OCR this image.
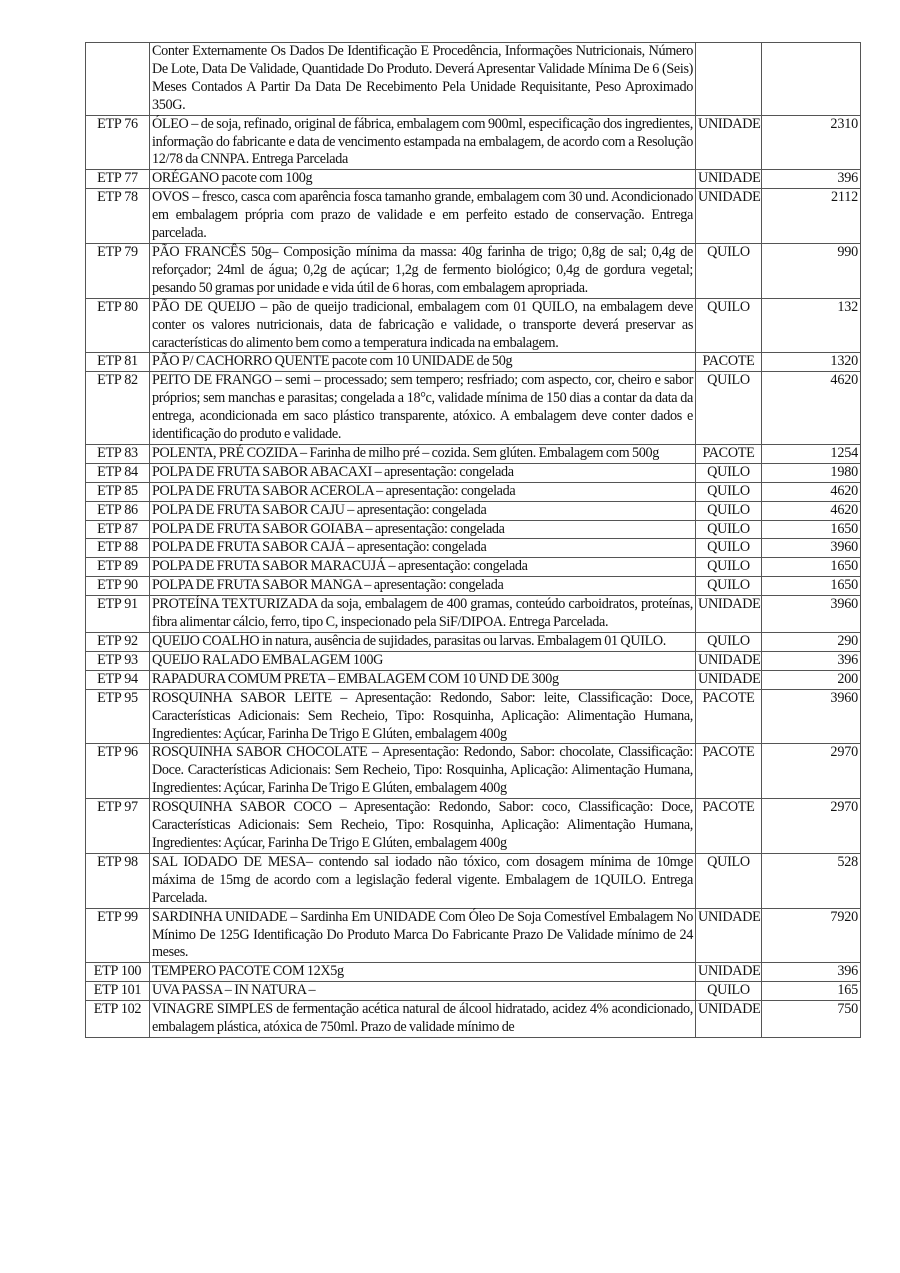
	Conter Externamente Os Dados De Identificação E Procedência, Informações Nutricionais, Número De Lote, Data De Validade, Quantidade Do Produto. Deverá Apresentar Validade Mínima De 6 (Seis) Meses Contados A Partir Da Data De Recebimento Pela Unidade Requisitante, Peso Aproximado 350G.		
ETP 76	ÓLEO – de soja, refinado, original de fábrica, embalagem com 900ml, especificação dos ingredientes, informação do fabricante e data de vencimento estampada na embalagem, de acordo com a Resolução 12/78 da CNNPA. Entrega Parcelada	UNIDADE	2310
ETP 77	ORÉGANO pacote com 100g	UNIDADE	396
ETP 78	OVOS – fresco, casca com aparência fosca tamanho grande, embalagem com 30 und. Acondicionado em embalagem própria com prazo de validade e em perfeito estado de conservação. Entrega parcelada.	UNIDADE	2112
ETP 79	PÃO FRANCÊS 50g– Composição mínima da massa: 40g farinha de trigo; 0,8g de sal; 0,4g de reforçador; 24ml de água; 0,2g de açúcar; 1,2g de fermento biológico; 0,4g de gordura vegetal; pesando 50 gramas por unidade e vida útil de 6 horas, com embalagem apropriada.	QUILO	990
ETP 80	PÃO DE QUEIJO – pão de queijo tradicional, embalagem com 01 QUILO, na embalagem deve conter os valores nutricionais, data de fabricação e validade, o transporte deverá preservar as características do alimento bem como a temperatura indicada na embalagem.	QUILO	132
ETP 81	PÃO P/ CACHORRO QUENTE pacote com 10 UNIDADE de 50g	PACOTE	1320
ETP 82	PEITO DE FRANGO – semi – processado; sem tempero; resfriado; com aspecto, cor, cheiro e sabor próprios; sem manchas e parasitas; congelada a 18°c, validade mínima de 150 dias a contar da data da entrega, acondicionada em saco plástico transparente, atóxico. A embalagem deve conter dados e identificação do produto e validade.	QUILO	4620
ETP 83	POLENTA, PRÉ COZIDA – Farinha de milho pré – cozida. Sem glúten. Embalagem com 500g	PACOTE	1254
ETP 84	POLPA DE FRUTA SABOR ABACAXI – apresentação: congelada	QUILO	1980
ETP 85	POLPA DE FRUTA SABOR ACEROLA – apresentação: congelada	QUILO	4620
ETP 86	POLPA DE FRUTA SABOR CAJU – apresentação: congelada	QUILO	4620
ETP 87	POLPA DE FRUTA SABOR GOIABA – apresentação: congelada	QUILO	1650
ETP 88	POLPA DE FRUTA SABOR CAJÁ – apresentação: congelada	QUILO	3960
ETP 89	POLPA DE FRUTA SABOR MARACUJÁ – apresentação: congelada	QUILO	1650
ETP 90	POLPA DE FRUTA SABOR MANGA – apresentação: congelada	QUILO	1650
ETP 91	PROTEÍNA TEXTURIZADA da soja, embalagem de 400 gramas, conteúdo carboidratos, proteínas, fibra alimentar cálcio, ferro, tipo C, inspecionado pela SiF/DIPOA. Entrega Parcelada.	UNIDADE	3960
ETP 92	QUEIJO COALHO in natura, ausência de sujidades, parasitas ou larvas. Embalagem 01 QUILO.	QUILO	290
ETP 93	QUEIJO RALADO EMBALAGEM 100G	UNIDADE	396
ETP 94	RAPADURA COMUM PRETA – EMBALAGEM COM 10 UND DE 300g	UNIDADE	200
ETP 95	ROSQUINHA SABOR LEITE – Apresentação: Redondo, Sabor: leite, Classificação: Doce, Características Adicionais: Sem Recheio, Tipo: Rosquinha, Aplicação: Alimentação Humana, Ingredientes: Açúcar, Farinha De Trigo E Glúten, embalagem 400g	PACOTE	3960
ETP 96	ROSQUINHA SABOR CHOCOLATE – Apresentação: Redondo, Sabor: chocolate, Classificação: Doce. Características Adicionais: Sem Recheio, Tipo: Rosquinha, Aplicação: Alimentação Humana, Ingredientes: Açúcar, Farinha De Trigo E Glúten, embalagem 400g	PACOTE	2970
ETP 97	ROSQUINHA SABOR COCO – Apresentação: Redondo, Sabor: coco, Classificação: Doce, Características Adicionais: Sem Recheio, Tipo: Rosquinha, Aplicação: Alimentação Humana, Ingredientes: Açúcar, Farinha De Trigo E Glúten, embalagem 400g	PACOTE	2970
ETP 98	SAL IODADO DE MESA– contendo sal iodado não tóxico, com dosagem mínima de 10mge máxima de 15mg de acordo com a legislação federal vigente. Embalagem de 1QUILO. Entrega Parcelada.	QUILO	528
ETP 99	SARDINHA UNIDADE – Sardinha Em UNIDADE Com Óleo De Soja Comestível Embalagem No Mínimo De 125G Identificação Do Produto Marca Do Fabricante Prazo De Validade mínimo de 24 meses.	UNIDADE	7920
ETP 100	TEMPERO PACOTE COM 12X5g	UNIDADE	396
ETP 101	UVA PASSA – IN NATURA –	QUILO	165
ETP 102	VINAGRE SIMPLES de fermentação acética natural de álcool hidratado, acidez 4% acondicionado, embalagem plástica, atóxica de 750ml. Prazo de validade mínimo de	UNIDADE	750
